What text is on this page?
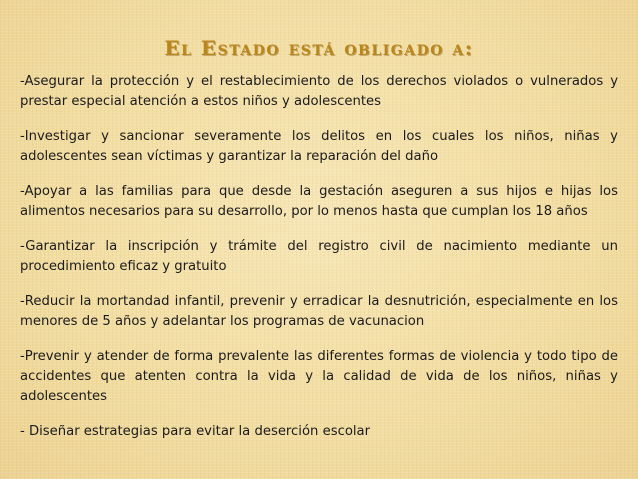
El Estado está obligado a:

-Asegurar la protección y el restablecimiento de los derechos violados o vulnerados y prestar especial atención a estos niños y adolescentes

-Investigar y sancionar severamente los delitos en los cuales los niños, niñas y adolescentes sean víctimas y garantizar la reparación del daño

-Apoyar a las familias para que desde la gestación aseguren a sus hijos e hijas los alimentos necesarios para su desarrollo, por lo menos hasta que cumplan los 18 años

-Garantizar la inscripción y trámite del registro civil de nacimiento mediante un procedimiento eficaz y gratuito

-Reducir la mortandad infantil, prevenir y erradicar la desnutrición, especialmente en los menores de 5 años y adelantar los programas de vacunacion

-Prevenir y atender de forma prevalente las diferentes formas de violencia y todo tipo de accidentes que atenten contra la vida y la calidad de vida de los niños, niñas y adolescentes

- Diseñar estrategias para evitar la deserción escolar
